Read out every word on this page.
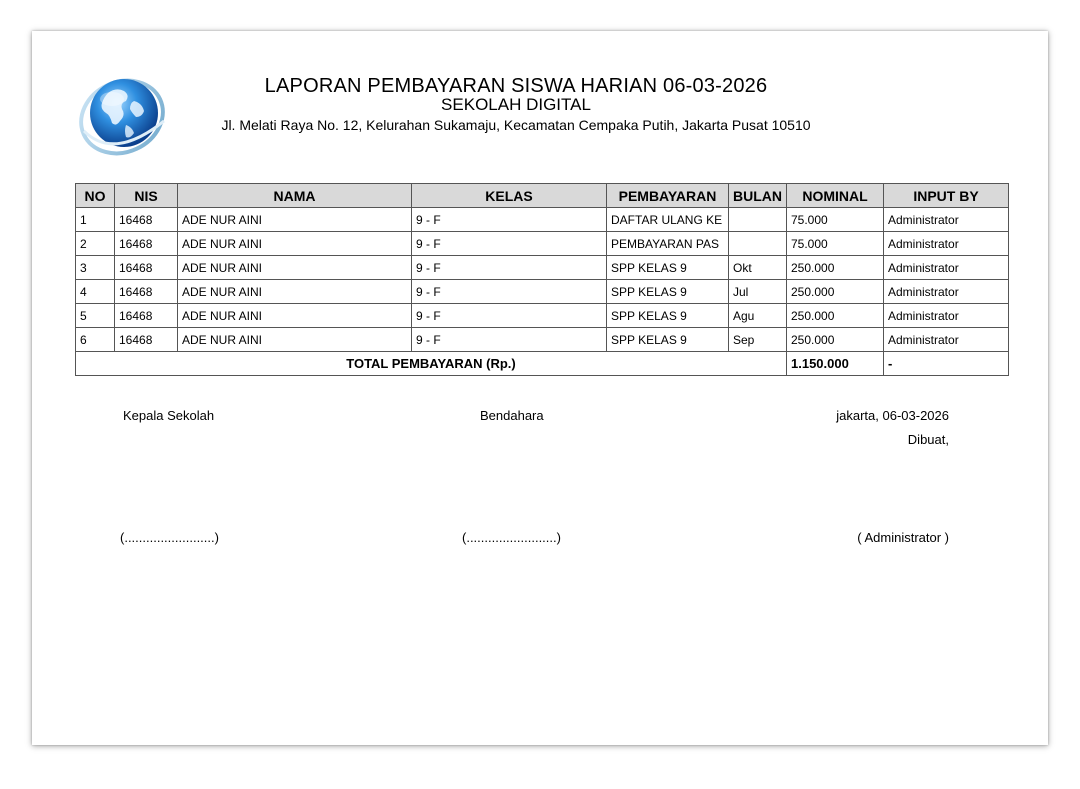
LAPORAN PEMBAYARAN SISWA HARIAN 06-03-2026
SEKOLAH DIGITAL
Jl. Melati Raya No. 12, Kelurahan Sukamaju, Kecamatan Cempaka Putih, Jakarta Pusat 10510
NO	NIS	NAMA	KELAS	PEMBAYARAN	BULAN	NOMINAL	INPUT BY
1	16468	ADE NUR AINI	9 - F	DAFTAR ULANG KE		75.000	Administrator
2	16468	ADE NUR AINI	9 - F	PEMBAYARAN PAS		75.000	Administrator
3	16468	ADE NUR AINI	9 - F	SPP KELAS 9	Okt	250.000	Administrator
4	16468	ADE NUR AINI	9 - F	SPP KELAS 9	Jul	250.000	Administrator
5	16468	ADE NUR AINI	9 - F	SPP KELAS 9	Agu	250.000	Administrator
6	16468	ADE NUR AINI	9 - F	SPP KELAS 9	Sep	250.000	Administrator
TOTAL PEMBAYARAN (Rp.)						1.150.000	-
Kepala Sekolah	Bendahara	jakarta, 06-03-2026
Dibuat,
(.........................)	(.........................)	( Administrator )
